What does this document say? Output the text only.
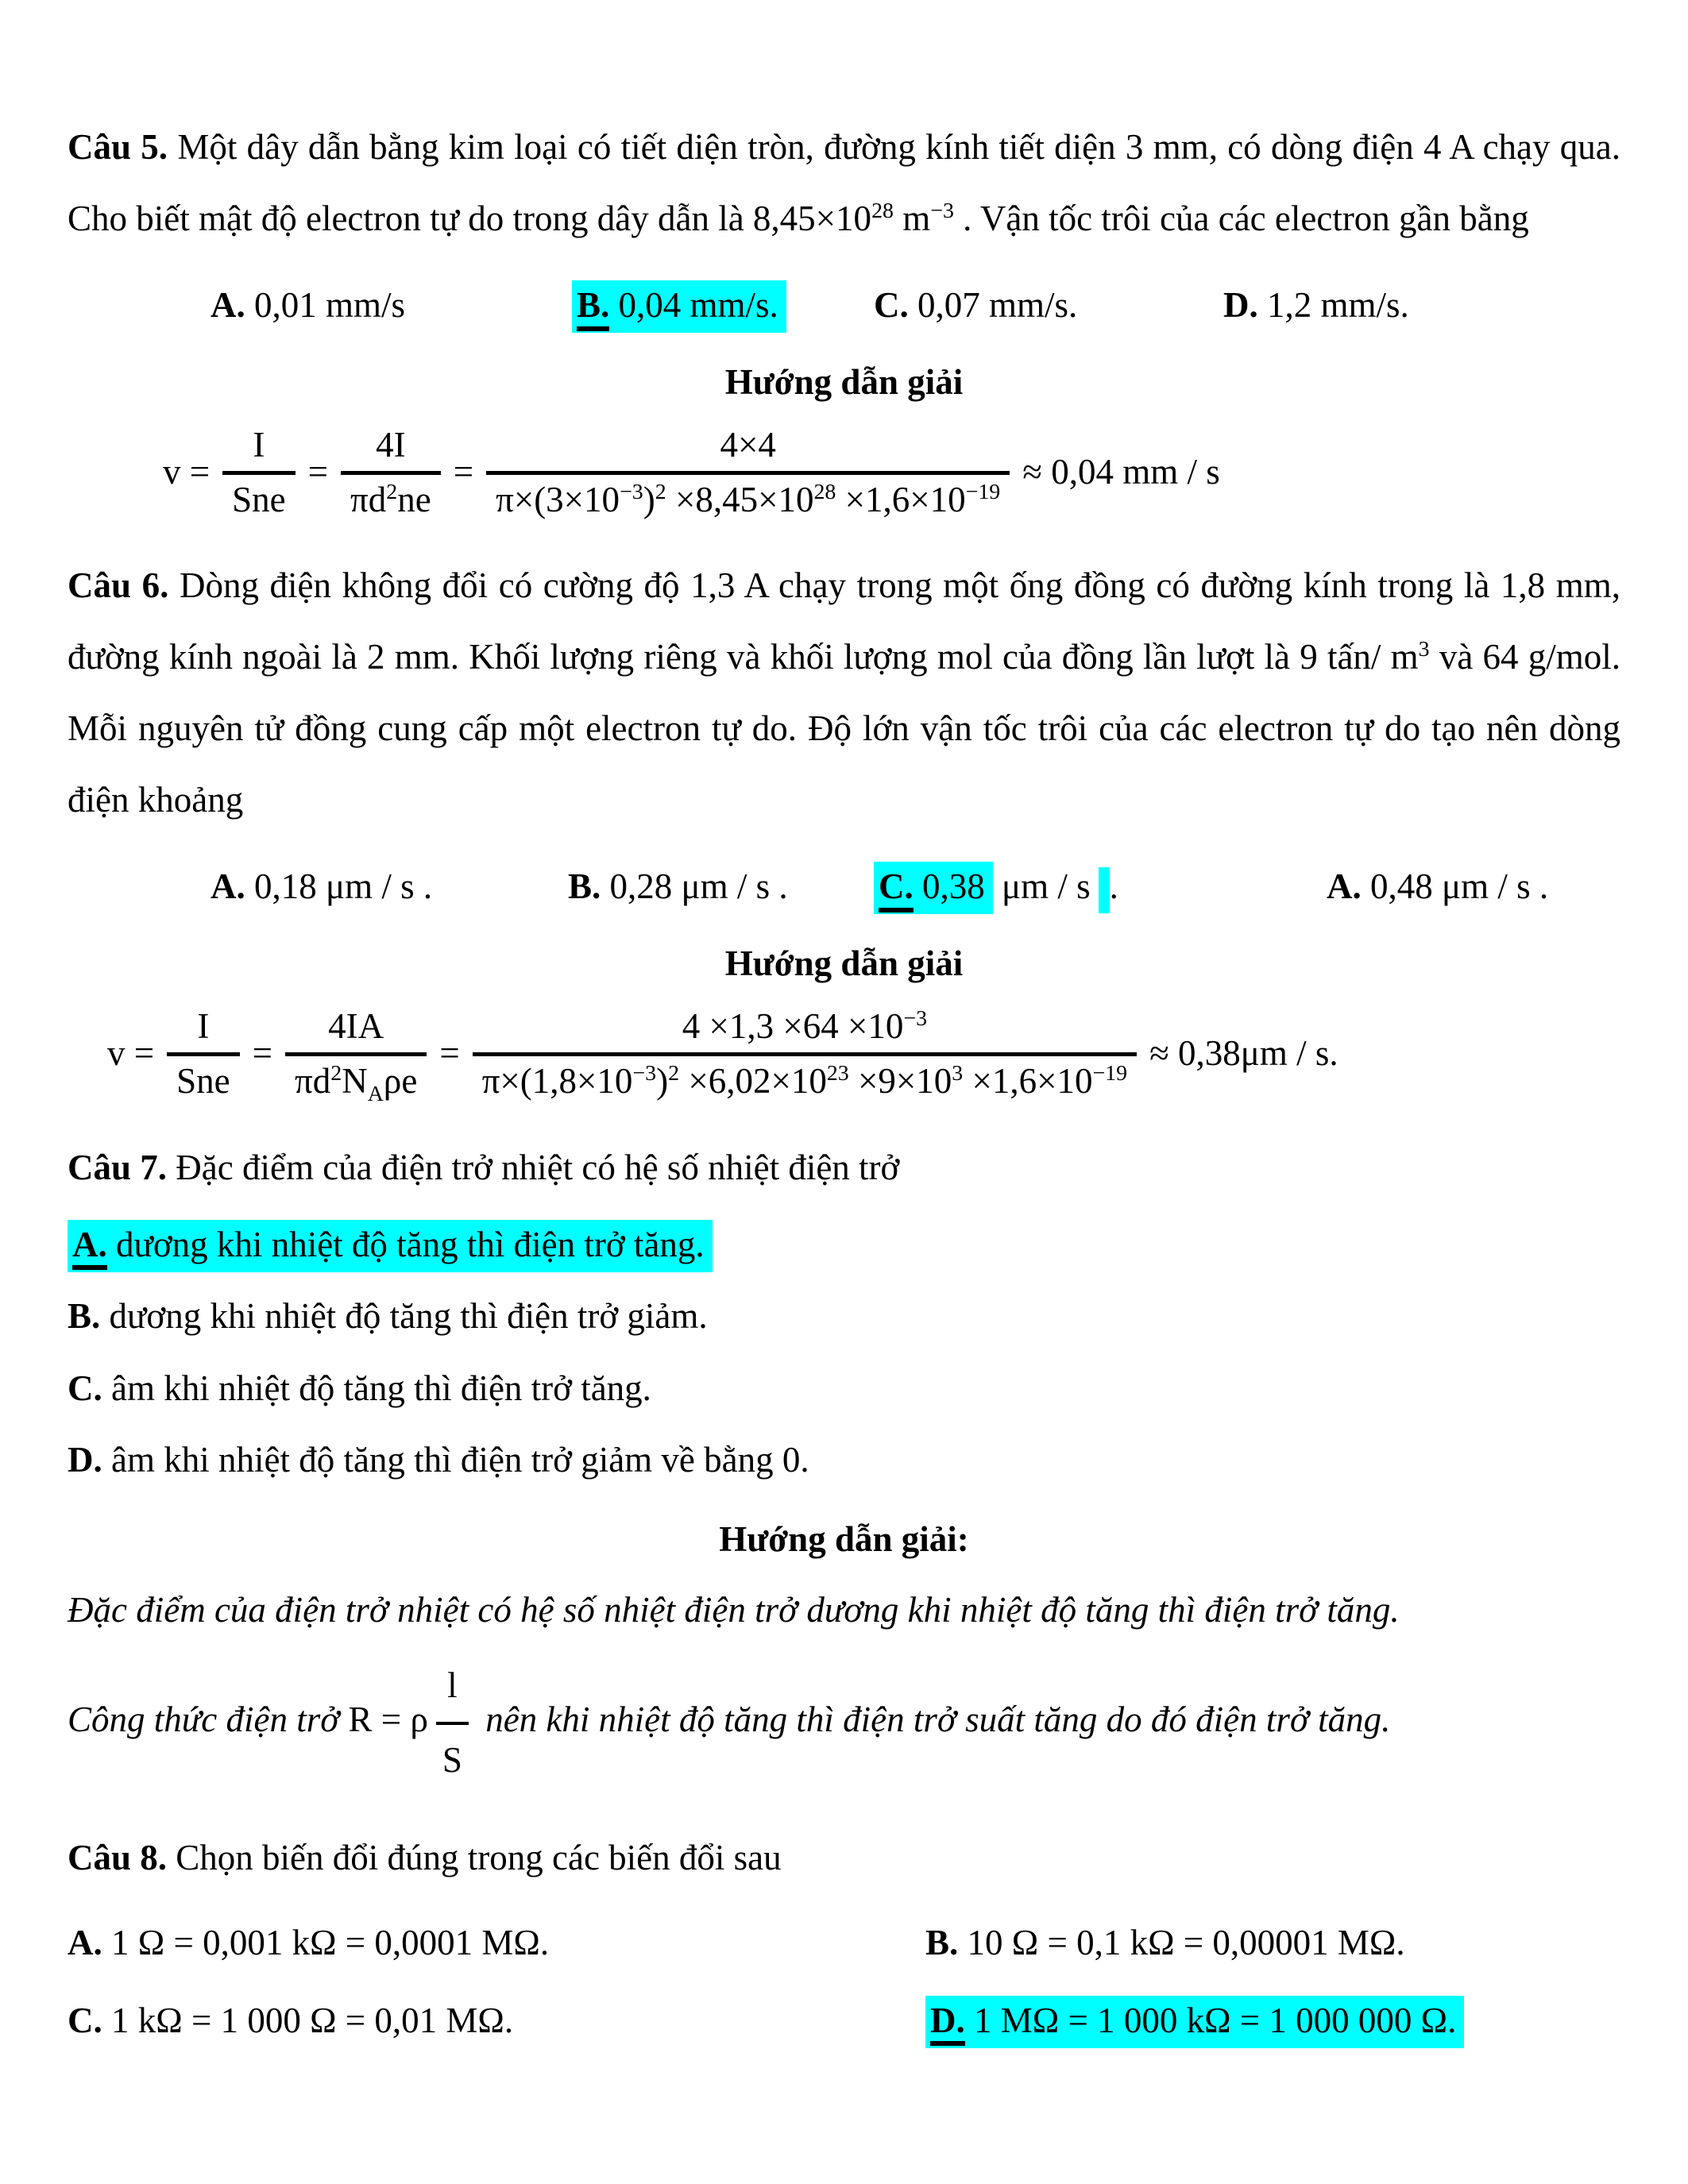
Câu 5. Một dây dẫn bằng kim loại có tiết diện tròn, đường kính tiết diện 3 mm, có dòng điện 4 A chạy qua. Cho biết mật độ electron tự do trong dây dẫn là $8,45\times 10^{28}$ $m^{-3}$ . Vận tốc trôi của các electron gần bằng

A. 0,01 mm/s	B. 0,04 mm/s.	C. 0,07 mm/s.	D. 1,2 mm/s.
Hướng dẫn giải
$v = \frac{I}{\text{Sne}} = \frac{4I}{\pi d^2ne} = \frac{4\times 4}{\pi\times(3\times 10^{-3})^2 \times 8,45\times 10^{28} \times 1,6\times 10^{-19}} \approx 0,04$ mm / s

Câu 6. Dòng điện không đổi có cường độ 1,3 A chạy trong một ống đồng có đường kính trong là 1,8 mm, đường kính ngoài là 2 mm. Khối lượng riêng và khối lượng mol của đồng lần lượt là 9 tấn/ $m^3$ và 64 g/mol. Mỗi nguyên tử đồng cung cấp một electron tự do. Độ lớn vận tốc trôi của các electron tự do tạo nên dòng điện khoảng

A. 0,18 μm / s .	B. 0,28 μm / s .	C. 0,38 μm / s .	A. 0,48 μm / s .
Hướng dẫn giải
$v = \frac{I}{\text{Sne}} = \frac{4IA}{\pi d^2N_A\rho e} = \frac{4 \times 1,3 \times 64 \times 10^{-3}}{\pi\times(1,8\times 10^{-3})^2 \times 6,02\times 10^{23} \times 9\times 10^3 \times 1,6\times 10^{-19}} \approx 0,38\mu m / s$.

Câu 7. Đặc điểm của điện trở nhiệt có hệ số nhiệt điện trở

A. dương khi nhiệt độ tăng thì điện trở tăng.
B. dương khi nhiệt độ tăng thì điện trở giảm.
C. âm khi nhiệt độ tăng thì điện trở tăng.
D. âm khi nhiệt độ tăng thì điện trở giảm về bằng 0.
Hướng dẫn giải:

Đặc điểm của điện trở nhiệt có hệ số nhiệt điện trở dương khi nhiệt độ tăng thì điện trở tăng.

Công thức điện trở R = ρ $\frac{l}{S}$ nên khi nhiệt độ tăng thì điện trở suất tăng do đó điện trở tăng.

Câu 8. Chọn biến đổi đúng trong các biến đổi sau

A. 1 Ω = 0,001 kΩ = 0,0001 MΩ.	B. 10 Ω = 0,1 kΩ = 0,00001 MΩ.
C. 1 kΩ = 1 000 Ω = 0,01 MΩ.	D. 1 MΩ = 1 000 kΩ = 1 000 000 Ω.
